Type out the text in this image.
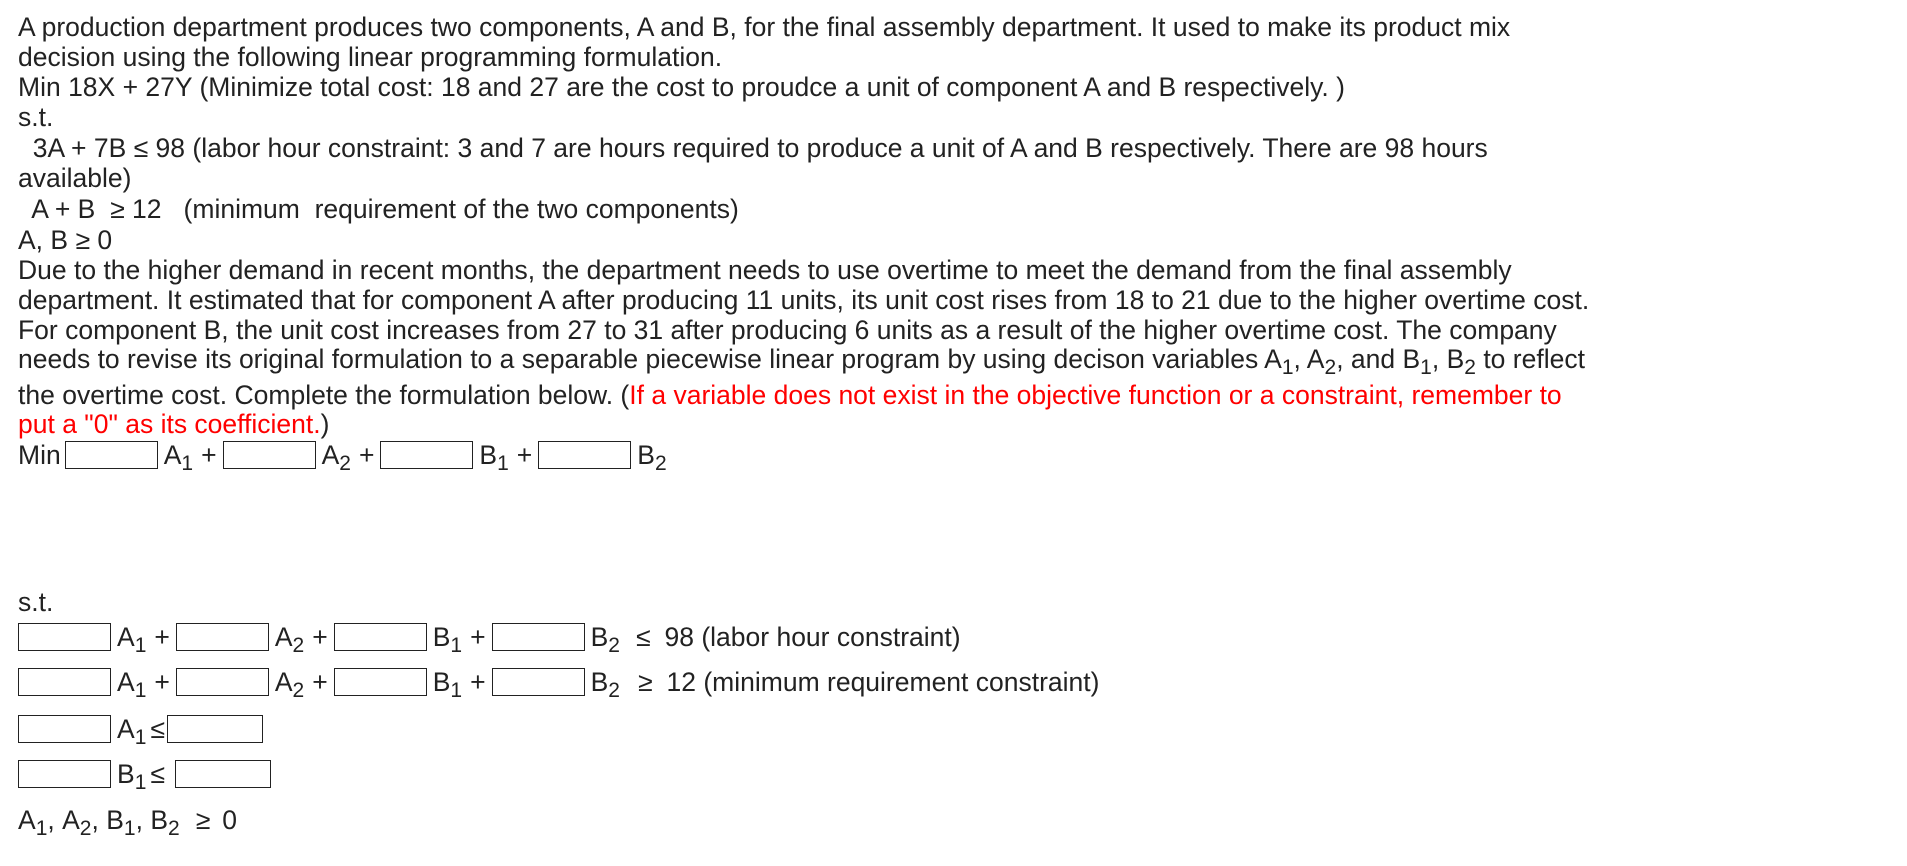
A production department produces two components, A and B, for the final assembly department. It used to make its product mix
decision using the following linear programming formulation.
Min 18X + 27Y (Minimize total cost: 18 and 27 are the cost to proudce a unit of component A and B respectively. )
s.t.
3A + 7B ≤ 98 (labor hour constraint: 3 and 7 are hours required to produce a unit of A and B respectively. There are 98 hours
available)
A + B  ≥ 12   (minimum  requirement of the two components)
A, B ≥ 0
Due to the higher demand in recent months, the department needs to use overtime to meet the demand from the final assembly
department. It estimated that for component A after producing 11 units, its unit cost rises from 18 to 21 due to the higher overtime cost.
For component B, the unit cost increases from 27 to 31 after producing 6 units as a result of the higher overtime cost. The company
needs to revise its original formulation to a separable piecewise linear program by using decison variables $A_1$, $A_2$, and $B_1$, $B_2$ to reflect
the overtime cost. Complete the formulation below. (If a variable does not exist in the objective function or a constraint, remember to
put a "0" as its coefficient.)
Min	$A_1$ +	$A_2$ +	$B_1$ +	$B_2$
s.t.
$A_1$ +	$A_2$ +	$B_1$ +	$B_2 \le 98$ (labor hour constraint)
$A_1$ +	$A_2$ +	$B_1$ +	$B_2 \ge 12$ (minimum requirement constraint)
$A_1$ ≤
$B_1$ ≤
$A_1$ , $A_2$ , $B_1$ , $B_2 \ge 0$
